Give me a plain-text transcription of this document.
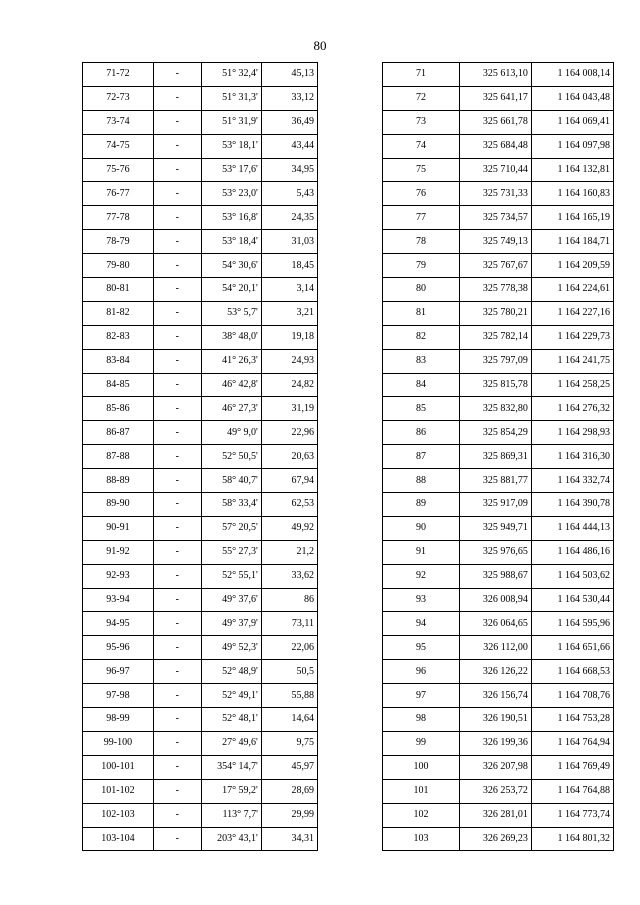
80
71-72	-	51° 32,4'	45,13
72-73	-	51° 31,3'	33,12
73-74	-	51° 31,9'	36,49
74-75	-	53° 18,1'	43,44
75-76	-	53° 17,6'	34,95
76-77	-	53° 23,0'	5,43
77-78	-	53° 16,8'	24,35
78-79	-	53° 18,4'	31,03
79-80	-	54° 30,6'	18,45
80-81	-	54° 20,1'	3,14
81-82	-	53° 5,7'	3,21
82-83	-	38° 48,0'	19,18
83-84	-	41° 26,3'	24,93
84-85	-	46° 42,8'	24,82
85-86	-	46° 27,3'	31,19
86-87	-	49° 9,0'	22,96
87-88	-	52° 50,5'	20,63
88-89	-	58° 40,7'	67,94
89-90	-	58° 33,4'	62,53
90-91	-	57° 20,5'	49,92
91-92	-	55° 27,3'	21,2
92-93	-	52° 55,1'	33,62
93-94	-	49° 37,6'	86
94-95	-	49° 37,9'	73,11
95-96	-	49° 52,3'	22,06
96-97	-	52° 48,9'	50,5
97-98	-	52° 49,1'	55,88
98-99	-	52° 48,1'	14,64
99-100	-	27° 49,6'	9,75
100-101	-	354° 14,7'	45,97
101-102	-	17° 59,2'	28,69
102-103	-	113° 7,7'	29,99
103-104	-	203° 43,1'	34,31
71	325 613,10	1 164 008,14
72	325 641,17	1 164 043,48
73	325 661,78	1 164 069,41
74	325 684,48	1 164 097,98
75	325 710,44	1 164 132,81
76	325 731,33	1 164 160,83
77	325 734,57	1 164 165,19
78	325 749,13	1 164 184,71
79	325 767,67	1 164 209,59
80	325 778,38	1 164 224,61
81	325 780,21	1 164 227,16
82	325 782,14	1 164 229,73
83	325 797,09	1 164 241,75
84	325 815,78	1 164 258,25
85	325 832,80	1 164 276,32
86	325 854,29	1 164 298,93
87	325 869,31	1 164 316,30
88	325 881,77	1 164 332,74
89	325 917,09	1 164 390,78
90	325 949,71	1 164 444,13
91	325 976,65	1 164 486,16
92	325 988,67	1 164 503,62
93	326 008,94	1 164 530,44
94	326 064,65	1 164 595,96
95	326 112,00	1 164 651,66
96	326 126,22	1 164 668,53
97	326 156,74	1 164 708,76
98	326 190,51	1 164 753,28
99	326 199,36	1 164 764,94
100	326 207,98	1 164 769,49
101	326 253,72	1 164 764,88
102	326 281,01	1 164 773,74
103	326 269,23	1 164 801,32
